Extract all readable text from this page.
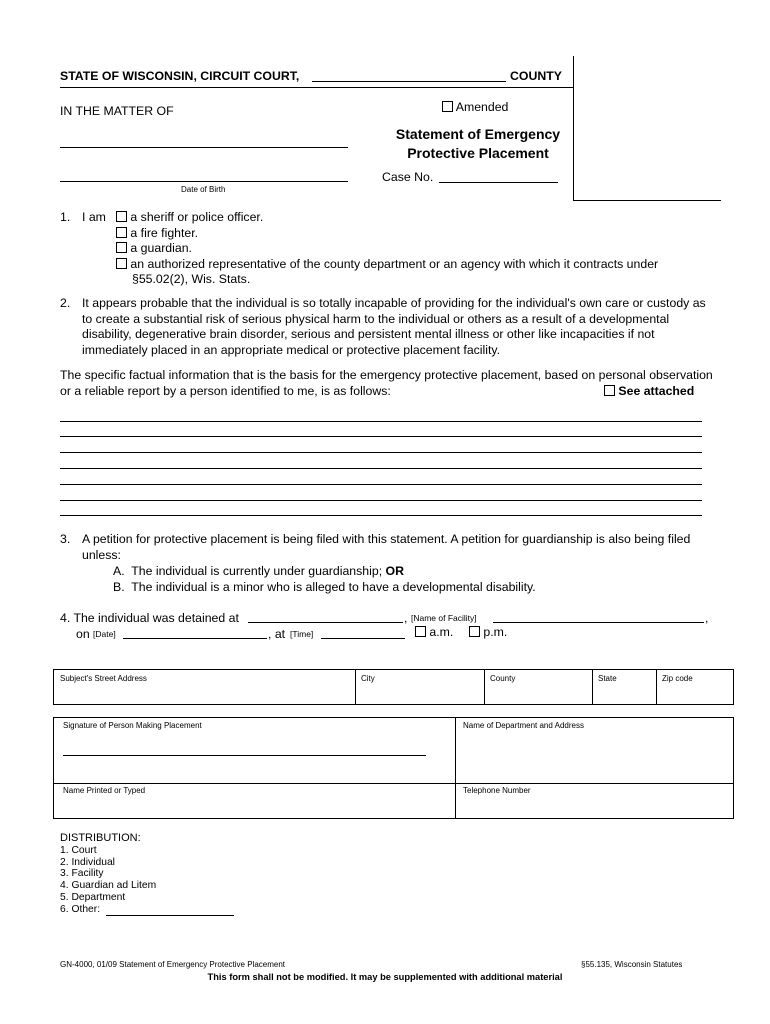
STATE OF WISCONSIN, CIRCUIT COURT,	COUNTY
IN THE MATTER OF
Date of Birth
Amended
Statement of Emergency
Protective Placement
Case No.
1. I am	a sheriff or police officer.
a fire fighter.
a guardian.
an authorized representative of the county department or an agency with which it contracts under
§55.02(2), Wis. Stats.
2. It appears probable that the individual is so totally incapable of providing for the individual's own care or custody as
to create a substantial risk of serious physical harm to the individual or others as a result of a developmental
disability, degenerative brain disorder, serious and persistent mental illness or other like incapacities if not
immediately placed in an appropriate medical or protective placement facility.
The specific factual information that is the basis for the emergency protective placement, based on personal observation
or a reliable report by a person identified to me, is as follows:	See attached
3. A petition for protective placement is being filed with this statement. A petition for guardianship is also being filed
unless:
A. The individual is currently under guardianship; OR
B. The individual is a minor who is alleged to have a developmental disability.
4. The individual was detained at	, [Name of Facility]	,
on [Date]	, at [Time]	a.m.	p.m.
Subject's Street Address	City	County	State	Zip code
Signature of Person Making Placement	Name of Department and Address
Name Printed or Typed	Telephone Number
DISTRIBUTION:
1. Court
2. Individual
3. Facility
4. Guardian ad Litem
5. Department
6. Other:
GN-4000, 01/09 Statement of Emergency Protective Placement	§55.135, Wisconsin Statutes
This form shall not be modified. It may be supplemented with additional material
